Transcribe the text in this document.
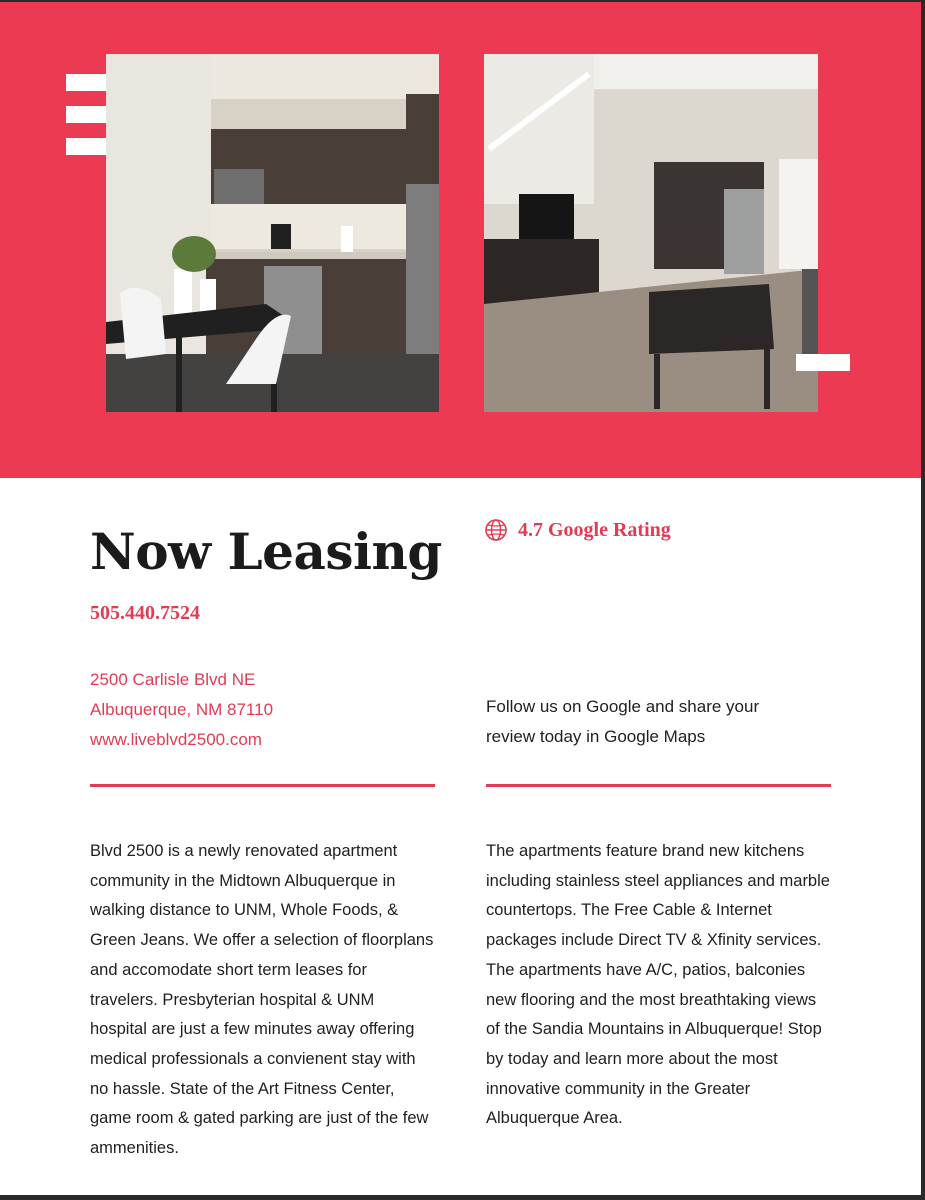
Now Leasing
505.440.7524
4.7 Google Rating
2500 Carlisle Blvd NE
Albuquerque, NM 87110
www.liveblvd2500.com
Follow us on Google and share your
review today in Google Maps

Blvd 2500 is a newly renovated apartment community in the Midtown Albuquerque in walking distance to UNM, Whole Foods, & Green Jeans. We offer a selection of floorplans and accomodate short term leases for travelers. Presbyterian hospital & UNM hospital are just a few minutes away offering medical professionals a convienent stay with no hassle. State of the Art Fitness Center, game room & gated parking are just of the few ammenities.

The apartments feature brand new kitchens including stainless steel appliances and marble countertops. The Free Cable & Internet packages include Direct TV & Xfinity services. The apartments have A/C, patios, balconies new flooring and the most breathtaking views of the Sandia Mountains in Albuquerque! Stop by today and learn more about the most innovative community in the Greater Albuquerque Area.
